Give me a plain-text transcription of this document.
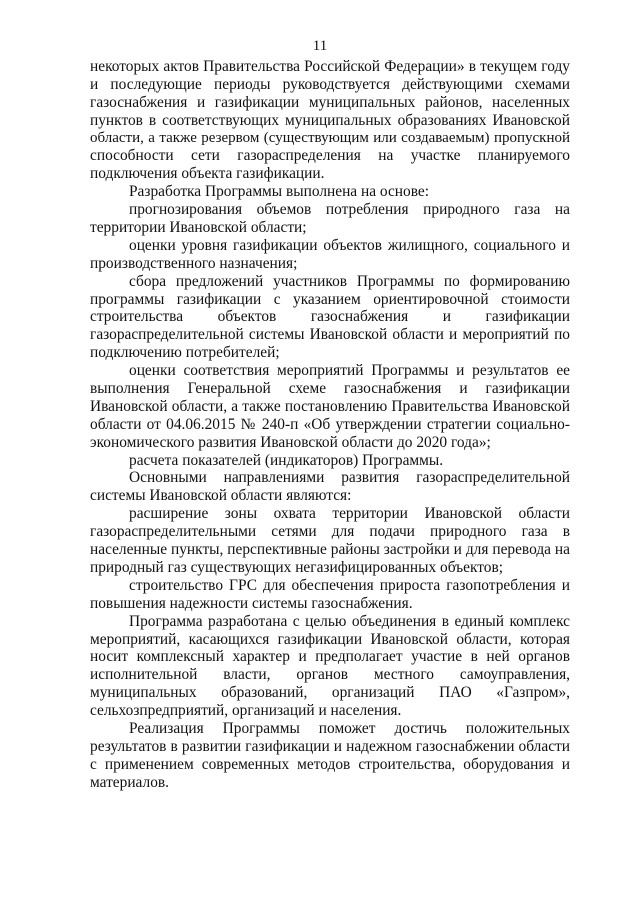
11
некоторых актов Правительства Российской Федерации» в текущем году
и последующие периоды руководствуется действующими схемами
газоснабжения и газификации муниципальных районов, населенных
пунктов в соответствующих муниципальных образованиях Ивановской
области, а также резервом (существующим или создаваемым) пропускной
способности сети газораспределения на участке планируемого
подключения объекта газификации.
Разработка Программы выполнена на основе:
прогнозирования объемов потребления природного газа на
территории Ивановской области;
оценки уровня газификации объектов жилищного, социального и
производственного назначения;
сбора предложений участников Программы по формированию
программы газификации с указанием ориентировочной стоимости
строительства объектов газоснабжения и газификации
газораспределительной системы Ивановской области и мероприятий по
подключению потребителей;
оценки соответствия мероприятий Программы и результатов ее
выполнения Генеральной схеме газоснабжения и газификации
Ивановской области, а также постановлению Правительства Ивановской
области от 04.06.2015 № 240-п «Об утверждении стратегии социально-
экономического развития Ивановской области до 2020 года»;
расчета показателей (индикаторов) Программы.
Основными направлениями развития газораспределительной
системы Ивановской области являются:
расширение зоны охвата территории Ивановской области
газораспределительными сетями для подачи природного газа в
населенные пункты, перспективные районы застройки и для перевода на
природный газ существующих негазифицированных объектов;
строительство ГРС для обеспечения прироста газопотребления и
повышения надежности системы газоснабжения.
Программа разработана с целью объединения в единый комплекс
мероприятий, касающихся газификации Ивановской области, которая
носит комплексный характер и предполагает участие в ней органов
исполнительной власти, органов местного самоуправления,
муниципальных образований, организаций ПАО «Газпром»,
сельхозпредприятий, организаций и населения.
Реализация Программы поможет достичь положительных
результатов в развитии газификации и надежном газоснабжении области
с применением современных методов строительства, оборудования и
материалов.
